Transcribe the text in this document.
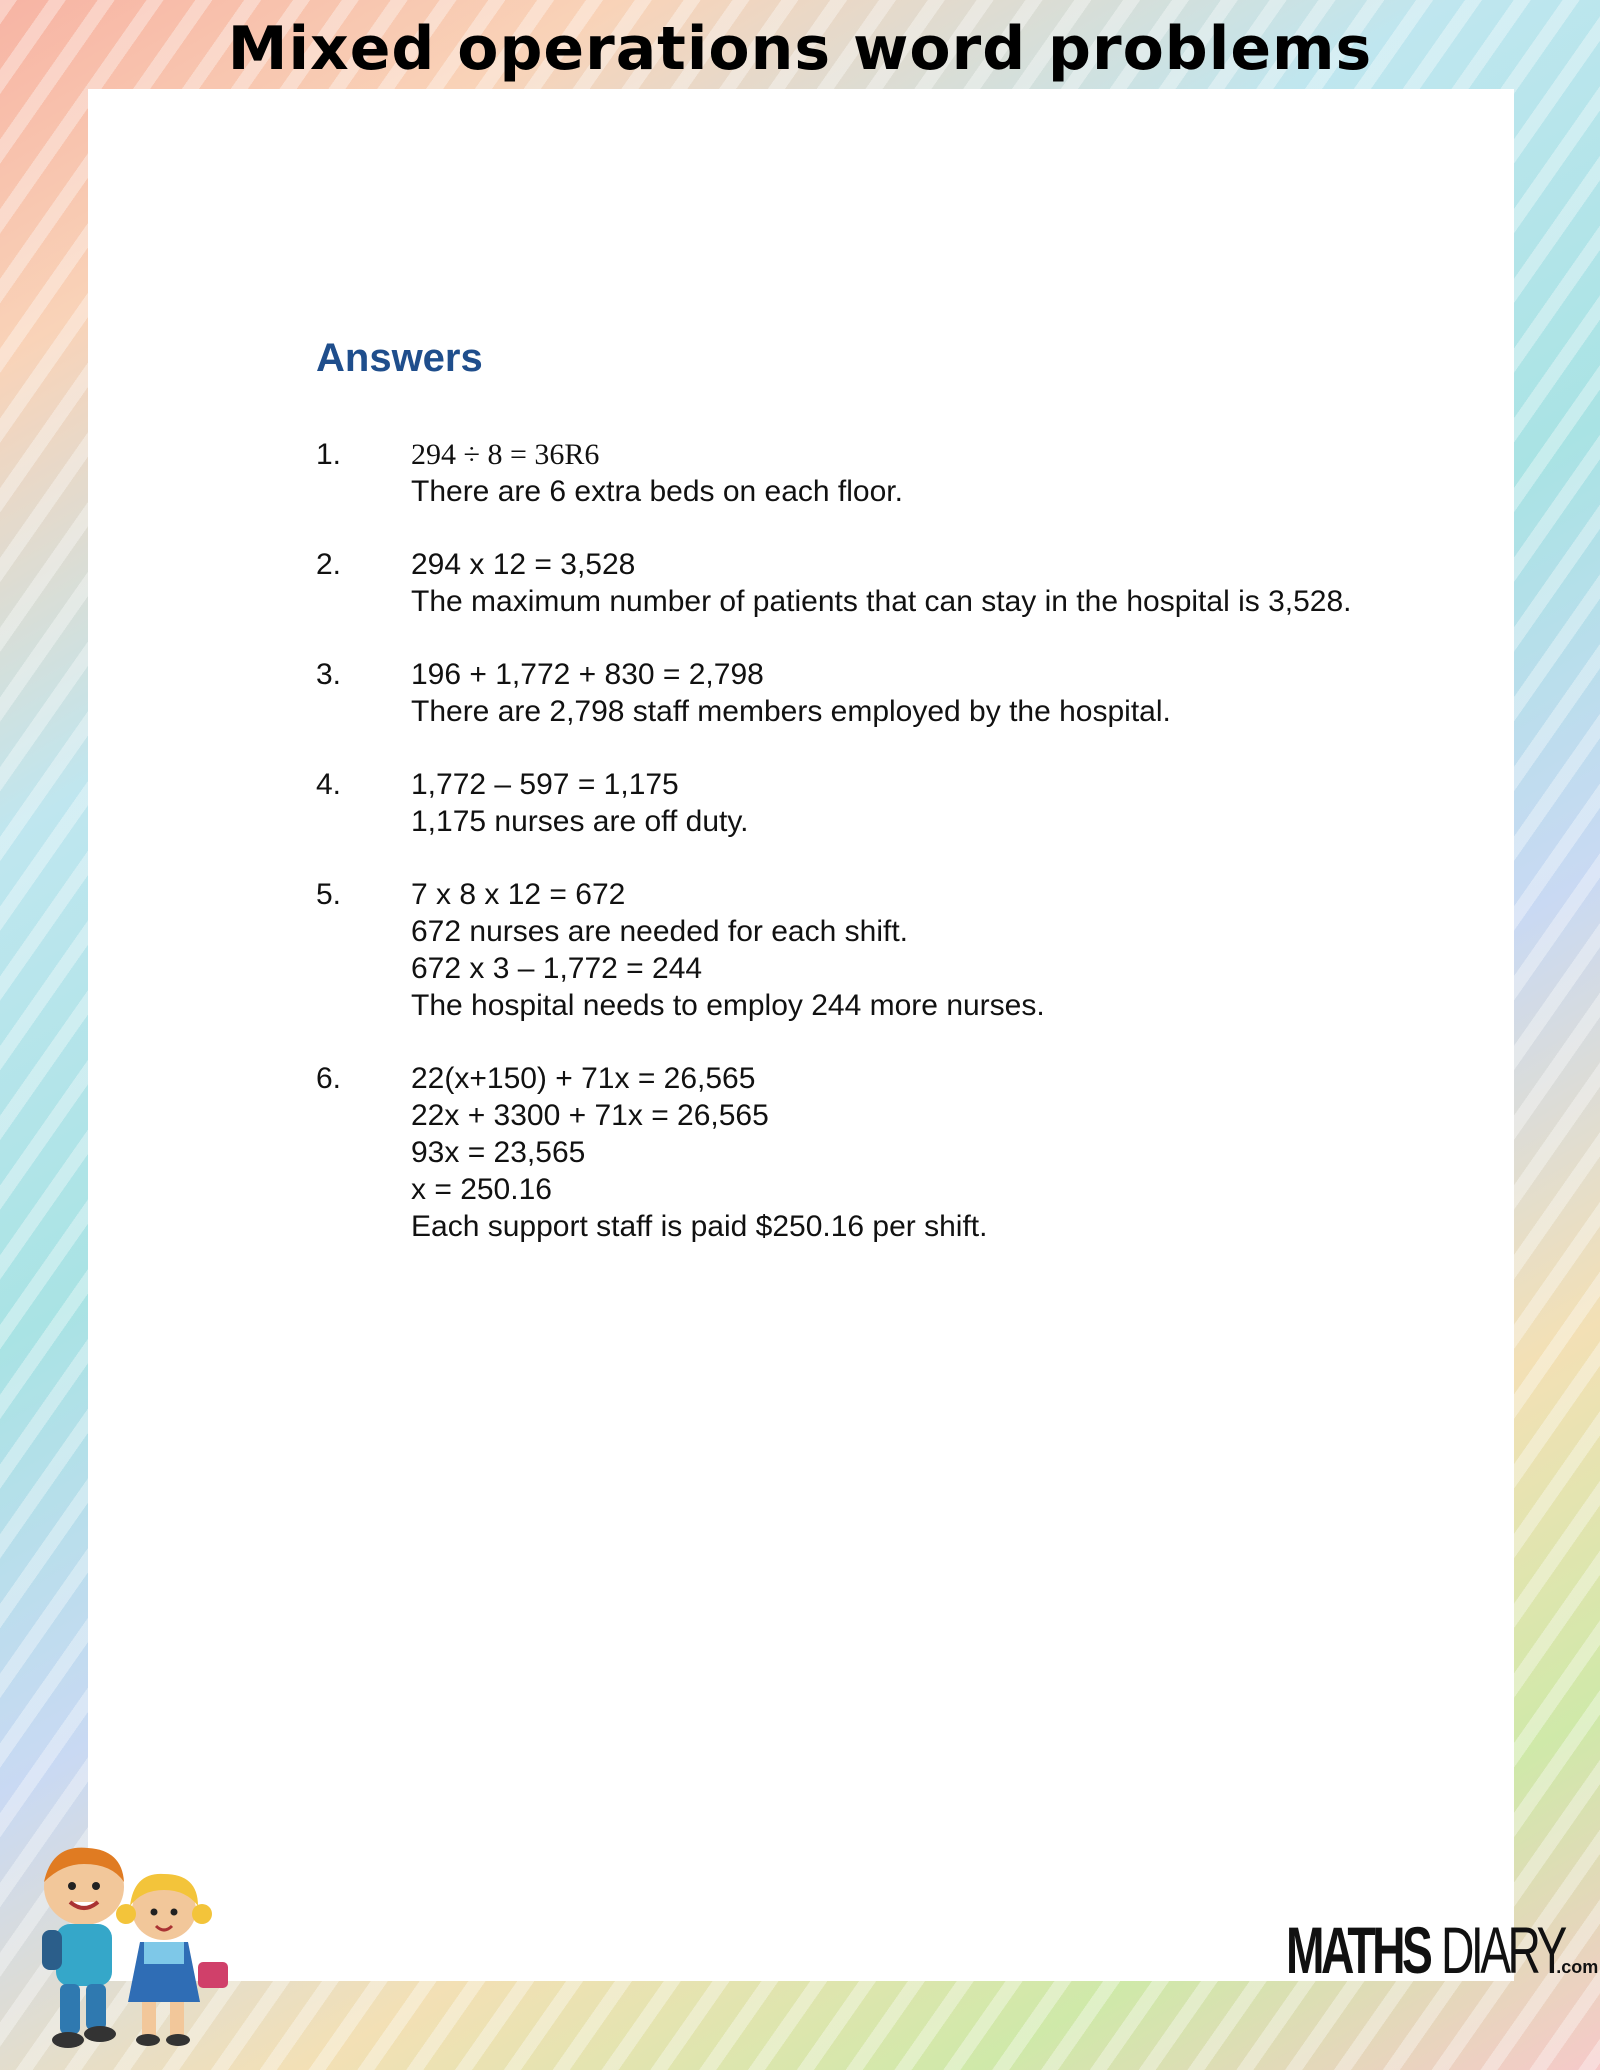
Mixed operations word problems
Answers
1.	294 ÷ 8 = 36R6
There are 6 extra beds on each floor.
2.	294 x 12 = 3,528
The maximum number of patients that can stay in the hospital is 3,528.
3.	196 + 1,772 + 830 = 2,798
There are 2,798 staff members employed by the hospital.
4.	1,772 – 597 = 1,175
1,175 nurses are off duty.
5.	7 x 8 x 12 = 672
672 nurses are needed for each shift.
672 x 3 – 1,772 = 244
The hospital needs to employ 244 more nurses.
6.	22(x+150) + 71x = 26,565
22x + 3300 + 71x = 26,565
93x = 23,565
x = 250.16
Each support staff is paid $250.16 per shift.
MATHS DIARY.com
